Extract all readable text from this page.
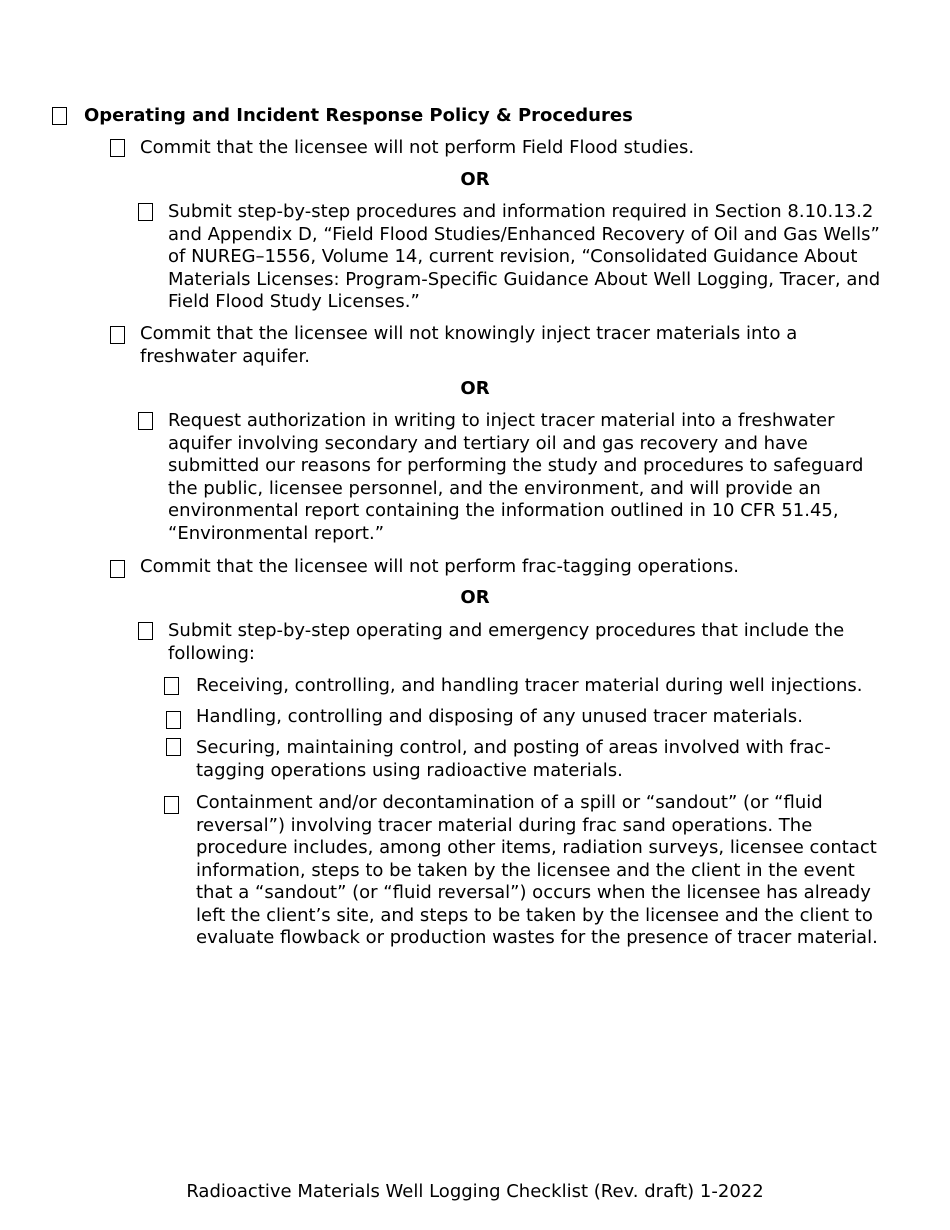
Operating and Incident Response Policy & Procedures

Commit that the licensee will not perform Field Flood studies.

OR

Submit step-by-step procedures and information required in Section 8.10.13.2 and Appendix D, “Field Flood Studies/Enhanced Recovery of Oil and Gas Wells” of NUREG–1556, Volume 14, current revision, “Consolidated Guidance About Materials Licenses: Program-Specific Guidance About Well Logging, Tracer, and Field Flood Study Licenses.”

Commit that the licensee will not knowingly inject tracer materials into a freshwater aquifer.

OR

Request authorization in writing to inject tracer material into a freshwater aquifer involving secondary and tertiary oil and gas recovery and have submitted our reasons for performing the study and procedures to safeguard the public, licensee personnel, and the environment, and will provide an environmental report containing the information outlined in 10 CFR 51.45, “Environmental report.”

Commit that the licensee will not perform frac-tagging operations.

OR

Submit step-by-step operating and emergency procedures that include the following:

Receiving, controlling, and handling tracer material during well injections.

Handling, controlling and disposing of any unused tracer materials.

Securing, maintaining control, and posting of areas involved with frac-tagging operations using radioactive materials.

Containment and/or decontamination of a spill or “sandout” (or “fluid reversal”) involving tracer material during frac sand operations. The procedure includes, among other items, radiation surveys, licensee contact information, steps to be taken by the licensee and the client in the event that a “sandout” (or “fluid reversal”) occurs when the licensee has already left the client’s site, and steps to be taken by the licensee and the client to evaluate flowback or production wastes for the presence of tracer material.

Radioactive Materials Well Logging Checklist (Rev. draft) 1-2022
